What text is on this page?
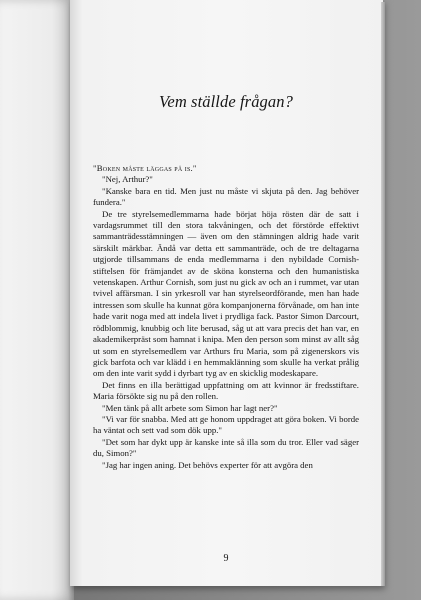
Vem ställde frågan?

"Boken måste läggas på is."

"Nej, Arthur?"

"Kanske bara en tid. Men just nu måste vi skjuta på den. Jag behöver fundera."

De tre styrelsemedlemmarna hade börjat höja rösten där de satt i vardagsrummet till den stora takvåningen, och det förstörde effektivt sammanträdesstämningen — även om den stämningen aldrig hade varit särskilt märkbar. Ändå var detta ett sammanträde, och de tre deltagarna utgjorde tillsammans de enda medlemmarna i den nybildade Cornish-stiftelsen för främjandet av de sköna konsterna och den humanistiska vetenskapen. Arthur Cornish, som just nu gick av och an i rummet, var utan tvivel affärsman. I sin yrkesroll var han styrelseordförande, men han hade intressen som skulle ha kunnat göra kompanjonerna förvånade, om han inte hade varit noga med att indela livet i prydliga fack. Pastor Simon Darcourt, rödblommig, knubbig och lite berusad, såg ut att vara precis det han var, en akademikerpräst som hamnat i knipa. Men den person som minst av allt såg ut som en styrelsemedlem var Arthurs fru Maria, som på zigenerskors vis gick barfota och var klädd i en hemmaklänning som skulle ha verkat prålig om den inte varit sydd i dyrbart tyg av en skicklig modeskapare.

Det finns en illa berättigad uppfattning om att kvinnor är fredsstiftare. Maria försökte sig nu på den rollen.

"Men tänk på allt arbete som Simon har lagt ner?"

"Vi var för snabba. Med att ge honom uppdraget att göra boken. Vi borde ha väntat och sett vad som dök upp."

"Det som har dykt upp är kanske inte så illa som du tror. Eller vad säger du, Simon?"

"Jag har ingen aning. Det behövs experter för att avgöra den

9
